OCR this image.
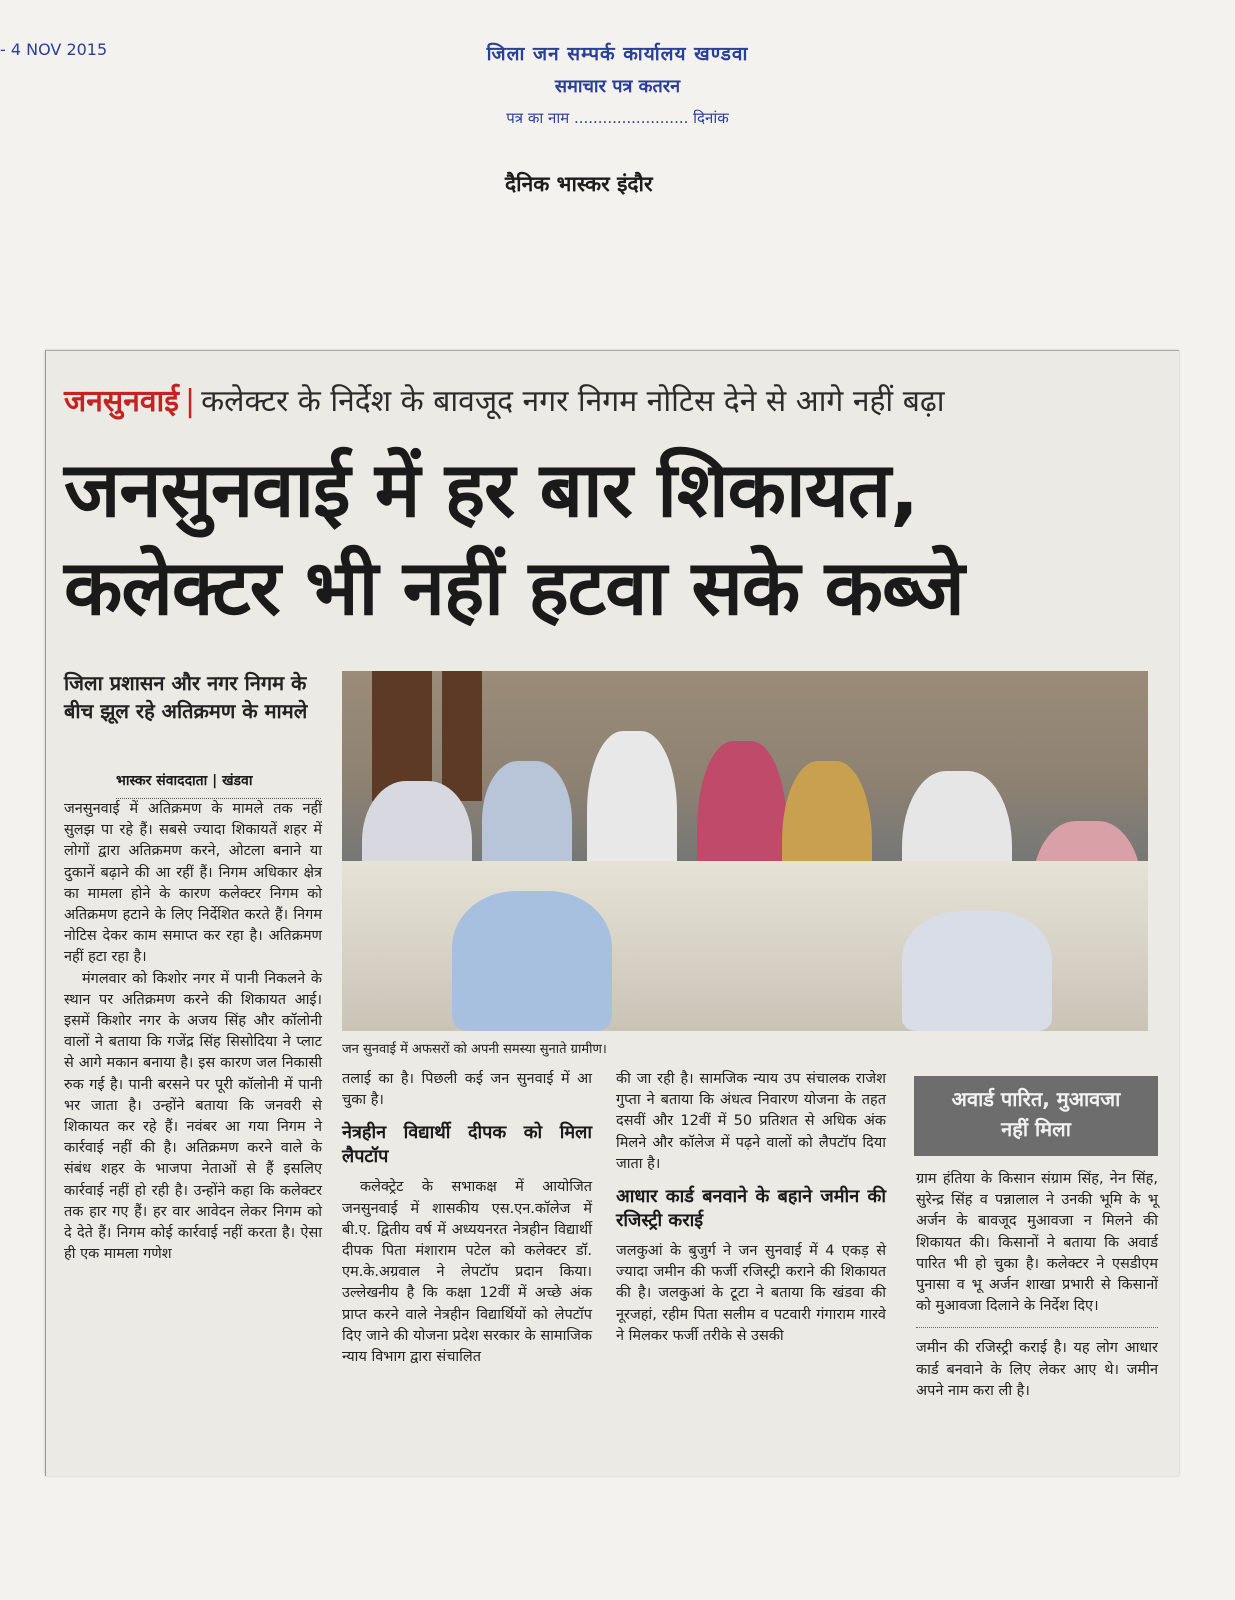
जिला जन सम्पर्क कार्यालय खण्डवा
समाचार पत्र कतरन
पत्र का नाम ........................ दिनांक
- 4 NOV 2015
दैनिक भास्कर इंदौर
जनसुनवाई | कलेक्टर के निर्देश के बावजूद नगर निगम नोटिस देने से आगे नहीं बढ़ा
जनसुनवाई में हर बार शिकायत,
कलेक्टर भी नहीं हटवा सके कब्जे
जिला प्रशासन और नगर निगम के बीच झूल रहे अतिक्रमण के मामले
भास्कर संवाददाता | खंडवा
जन सुनवाई में अफसरों को अपनी समस्या सुनाते ग्रामीण।

जनसुनवाई में अतिक्रमण के मामले तक नहीं सुलझ पा रहे हैं। सबसे ज्यादा शिकायतें शहर में लोगों द्वारा अतिक्रमण करने, ओटला बनाने या दुकानें बढ़ाने की आ रहीं हैं। निगम अधिकार क्षेत्र का मामला होने के कारण कलेक्टर निगम को अतिक्रमण हटाने के लिए निर्देशित करते हैं। निगम नोटिस देकर काम समाप्त कर रहा है। अतिक्रमण नहीं हटा रहा है।

मंगलवार को किशोर नगर में पानी निकलने के स्थान पर अतिक्रमण करने की शिकायत आई। इसमें किशोर नगर के अजय सिंह और कॉलोनी वालों ने बताया कि गजेंद्र सिंह सिसोदिया ने प्लाट से आगे मकान बनाया है। इस कारण जल निकासी रुक गई है। पानी बरसने पर पूरी कॉलोनी में पानी भर जाता है। उन्होंने बताया कि जनवरी से शिकायत कर रहे हैं। नवंबर आ गया निगम ने कार्रवाई नहीं की है। अतिक्रमण करने वाले के संबंध शहर के भाजपा नेताओं से हैं इसलिए कार्रवाई नहीं हो रही है। उन्होंने कहा कि कलेक्टर तक हार गए हैं। हर वार आवेदन लेकर निगम को दे देते हैं। निगम कोई कार्रवाई नहीं करता है। ऐसा ही एक मामला गणेश

तलाई का है। पिछली कई जन सुनवाई में आ चुका है।

नेत्रहीन विद्यार्थी दीपक को मिला लैपटॉप

कलेक्ट्रेट के सभाकक्ष में आयोजित जनसुनवाई में शासकीय एस.एन.कॉलेज में बी.ए. द्वितीय वर्ष में अध्ययनरत नेत्रहीन विद्यार्थी दीपक पिता मंशाराम पटेल को कलेक्टर डॉ. एम.के.अग्रवाल ने लेपटॉप प्रदान किया। उल्लेखनीय है कि कक्षा 12वीं में अच्छे अंक प्राप्त करने वाले नेत्रहीन विद्यार्थियों को लेपटॉप दिए जाने की योजना प्रदेश सरकार के सामाजिक न्याय विभाग द्वारा संचालित

की जा रही है। सामजिक न्याय उप संचालक राजेश गुप्ता ने बताया कि अंधत्व निवारण योजना के तहत दसवीं और 12वीं में 50 प्रतिशत से अधिक अंक मिलने और कॉलेज में पढ़ने वालों को लैपटॉप दिया जाता है।

आधार कार्ड बनवाने के बहाने जमीन की रजिस्ट्री कराई

जलकुआं के बुजुर्ग ने जन सुनवाई में 4 एकड़ से ज्यादा जमीन की फर्जी रजिस्ट्री कराने की शिकायत की है। जलकुआं के टूटा ने बताया कि खंडवा की नूरजहां, रहीम पिता सलीम व पटवारी गंगाराम गारवे ने मिलकर फर्जी तरीके से उसकी

अवार्ड पारित, मुआवजा
नहीं मिला

ग्राम हंतिया के किसान संग्राम सिंह, नेन सिंह, सुरेन्द्र सिंह व पन्नालाल ने उनकी भूमि के भू अर्जन के बावजूद मुआवजा न मिलने की शिकायत की। किसानों ने बताया कि अवार्ड पारित भी हो चुका है। कलेक्टर ने एसडीएम पुनासा व भू अर्जन शाखा प्रभारी से किसानों को मुआवजा दिलाने के निर्देश दिए।

जमीन की रजिस्ट्री कराई है। यह लोग आधार कार्ड बनवाने के लिए लेकर आए थे। जमीन अपने नाम करा ली है।
